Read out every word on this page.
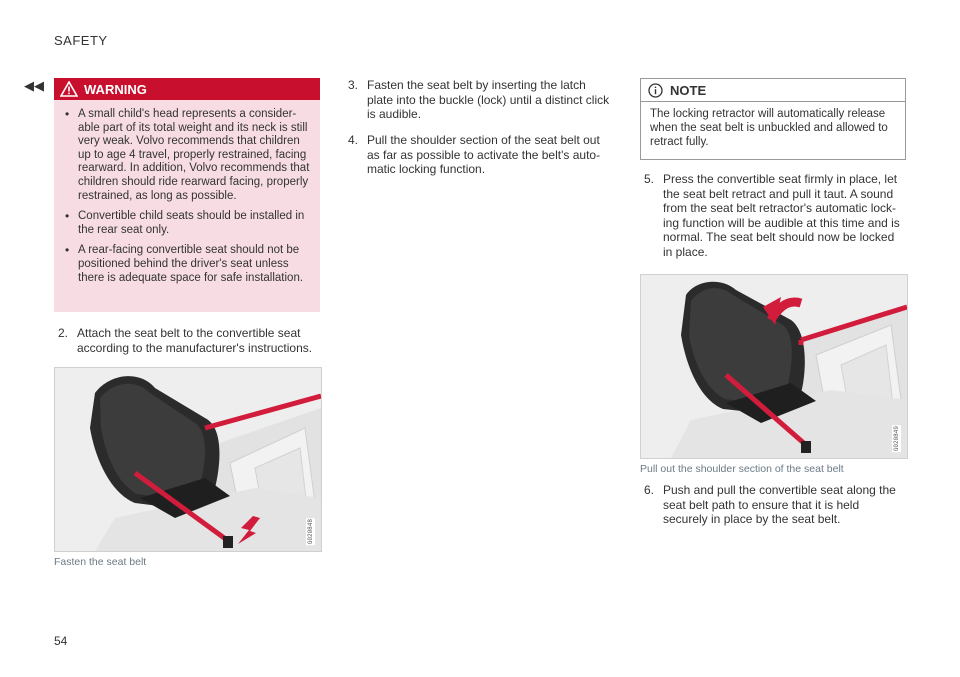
◀◀
SAFETY
WARNING
• A small child's head represents a consider-able part of its total weight and its neck is still very weak. Volvo recommends that children up to age 4 travel, properly restrained, facing rearward. In addition, Volvo recommends that children should ride rearward facing, properly restrained, as long as possible.
• Convertible child seats should be installed in the rear seat only.
• A rear-facing convertible seat should not be positioned behind the driver's seat unless there is adequate space for safe installation.
2. Attach the seat belt to the convertible seat according to the manufacturer's instructions.
G020848
Fasten the seat belt
3. Fasten the seat belt by inserting the latch plate into the buckle (lock) until a distinct click is audible.
4. Pull the shoulder section of the seat belt out as far as possible to activate the belt's auto-matic locking function.
NOTE
The locking retractor will automatically release when the seat belt is unbuckled and allowed to retract fully.
5. Press the convertible seat firmly in place, let the seat belt retract and pull it taut. A sound from the seat belt retractor's automatic lock-ing function will be audible at this time and is normal. The seat belt should now be locked in place.
G020849
Pull out the shoulder section of the seat belt
6. Push and pull the convertible seat along the seat belt path to ensure that it is held securely in place by the seat belt.
54
